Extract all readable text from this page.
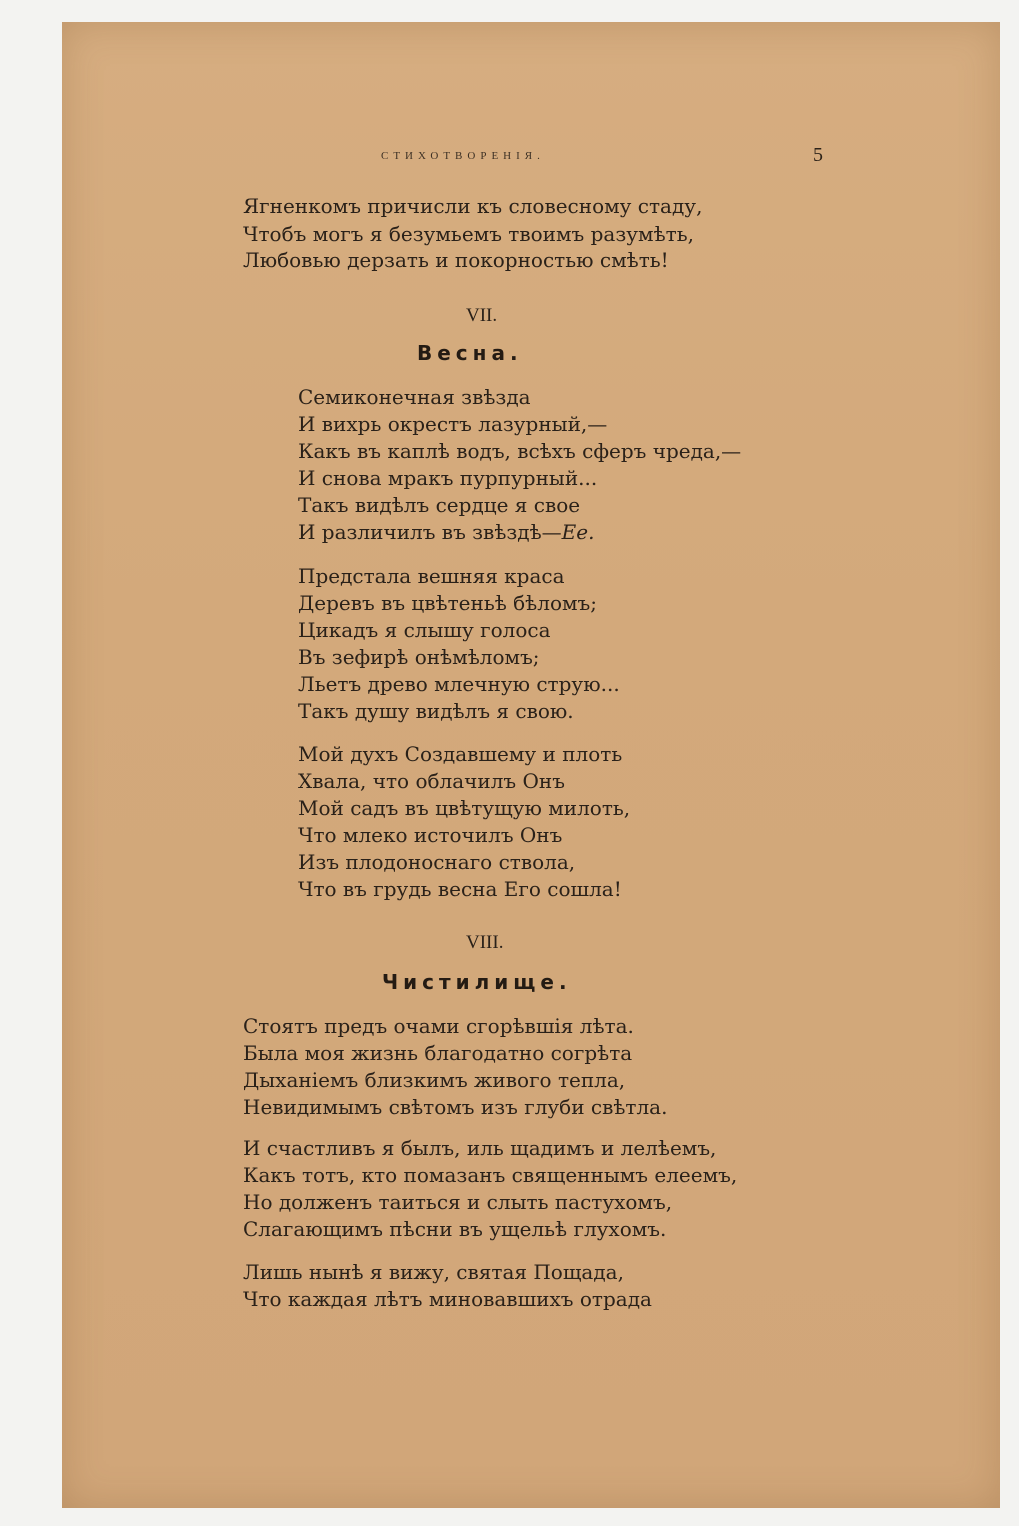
СТИХОТВОРЕНІЯ.	5
Ягненкомъ причисли къ словесному стаду,
Чтобъ могъ я безумьемъ твоимъ разумѣть,
Любовью дерзать и покорностью смѣть!
VII.
Весна.
Семиконечная звѣзда
И вихрь окрестъ лазурный,—
Какъ въ каплѣ водъ, всѣхъ сферъ чреда,—
И снова мракъ пурпурный...
Такъ видѣлъ сердце я свое
И различилъ въ звѣздѣ—Ее.
Предстала вешняя краса
Деревъ въ цвѣтеньѣ бѣломъ;
Цикадъ я слышу голоса
Въ зефирѣ онѣмѣломъ;
Льетъ древо млечную струю...
Такъ душу видѣлъ я свою.
Мой духъ Создавшему и плоть
Хвала, что облачилъ Онъ
Мой садъ въ цвѣтущую милоть,
Что млеко источилъ Онъ
Изъ плодоноснаго ствола,
Что въ грудь весна Его сошла!
VIII.
Чистилище.
Стоятъ предъ очами сгорѣвшія лѣта.
Была моя жизнь благодатно согрѣта
Дыханіемъ близкимъ живого тепла,
Невидимымъ свѣтомъ изъ глуби свѣтла.
И счастливъ я былъ, иль щадимъ и лелѣемъ,
Какъ тотъ, кто помазанъ священнымъ елеемъ,
Но долженъ таиться и слыть пастухомъ,
Слагающимъ пѣсни въ ущельѣ глухомъ.
Лишь нынѣ я вижу, святая Пощада,
Что каждая лѣтъ миновавшихъ отрада
